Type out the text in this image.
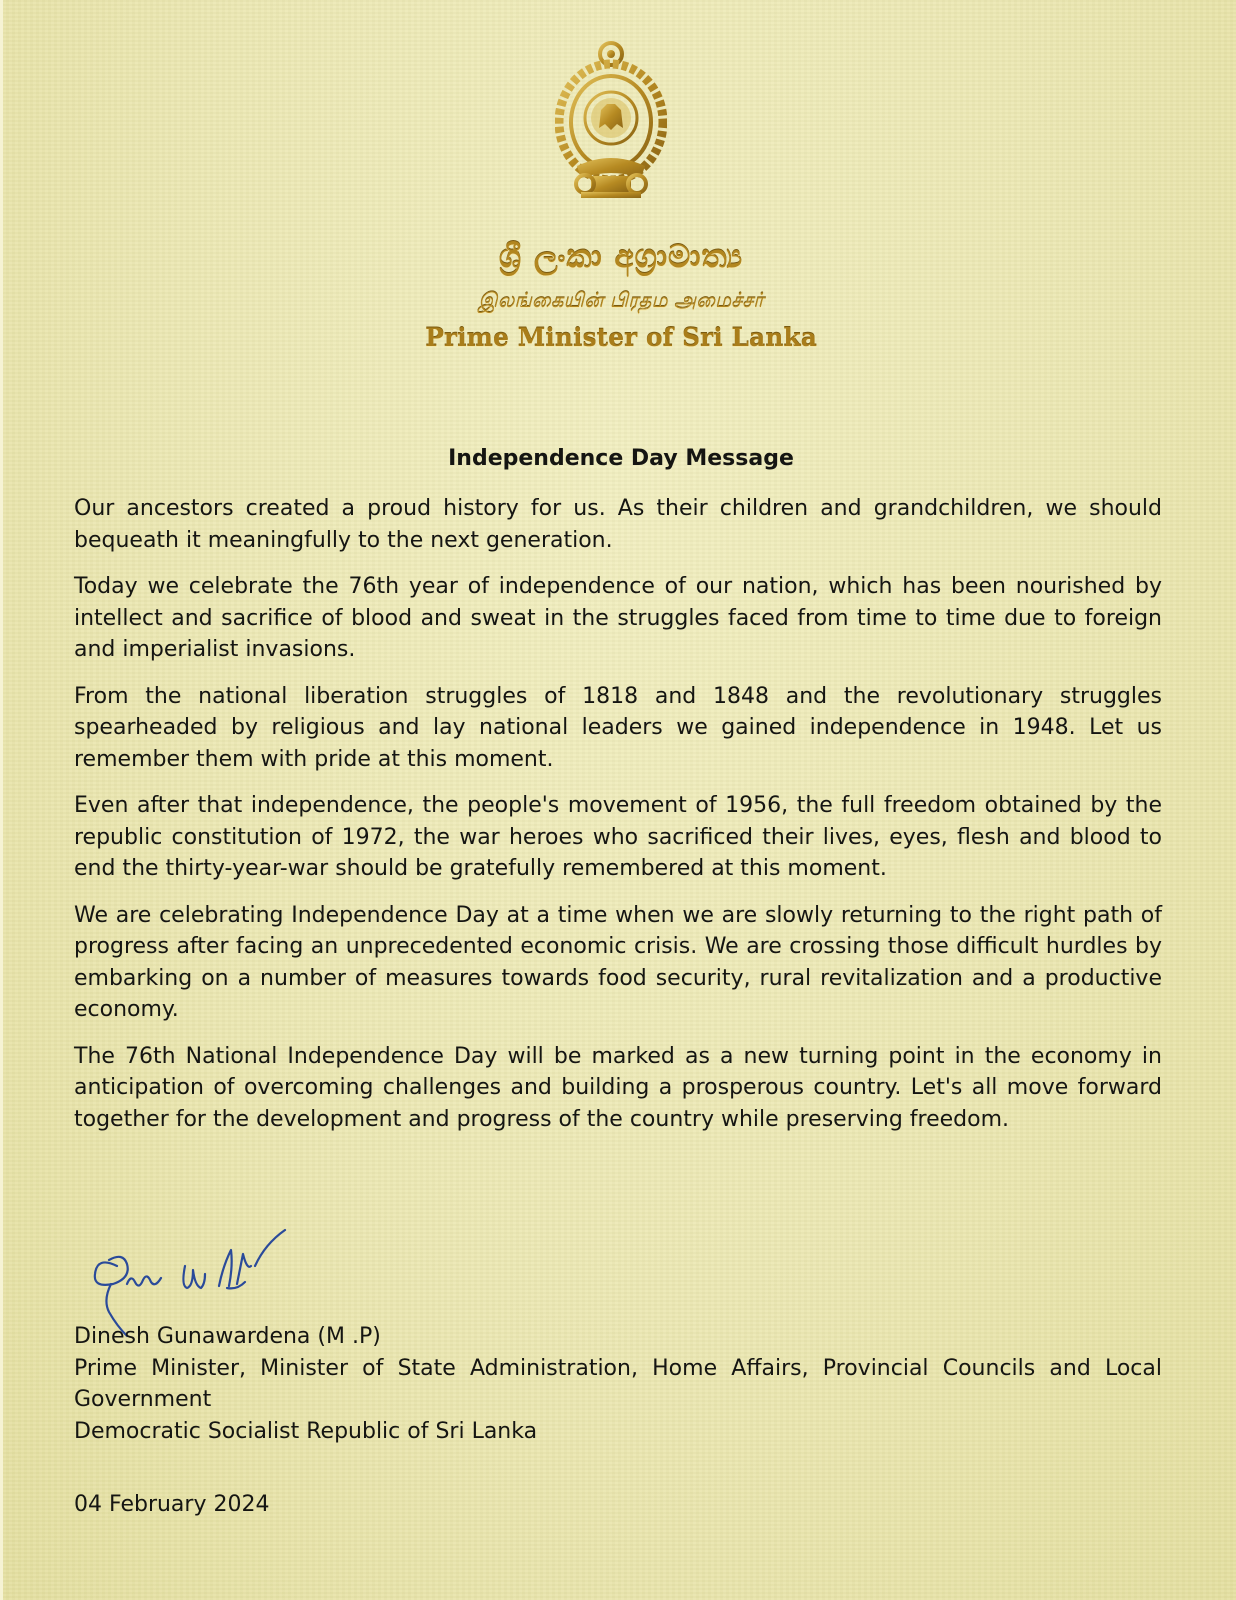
ශ්‍රී ලංකා අග්‍රාමාත්‍ය
இலங்கையின் பிரதம அமைச்சர்
Prime Minister of Sri Lanka
Independence Day Message

Our ancestors created a proud history for us. As their children and grandchildren, we should bequeath it meaningfully to the next generation.

Today we celebrate the 76th year of independence of our nation, which has been nourished by intellect and sacrifice of blood and sweat in the struggles faced from time to time due to foreign and imperialist invasions.

From the national liberation struggles of 1818 and 1848 and the revolutionary struggles spearheaded by religious and lay national leaders we gained independence in 1948. Let us remember them with pride at this moment.

Even after that independence, the people's movement of 1956, the full freedom obtained by the republic constitution of 1972, the war heroes who sacrificed their lives, eyes, flesh and blood to end the thirty-year-war should be gratefully remembered at this moment.

We are celebrating Independence Day at a time when we are slowly returning to the right path of progress after facing an unprecedented economic crisis. We are crossing those difficult hurdles by embarking on a number of measures towards food security, rural revitalization and a productive economy.

The 76th National Independence Day will be marked as a new turning point in the economy in anticipation of overcoming challenges and building a prosperous country. Let's all move forward together for the development and progress of the country while preserving freedom.

Dinesh Gunawardena (M .P)

Prime Minister, Minister of State Administration, Home Affairs, Provincial Councils and Local Government

Democratic Socialist Republic of Sri Lanka

04 February 2024
